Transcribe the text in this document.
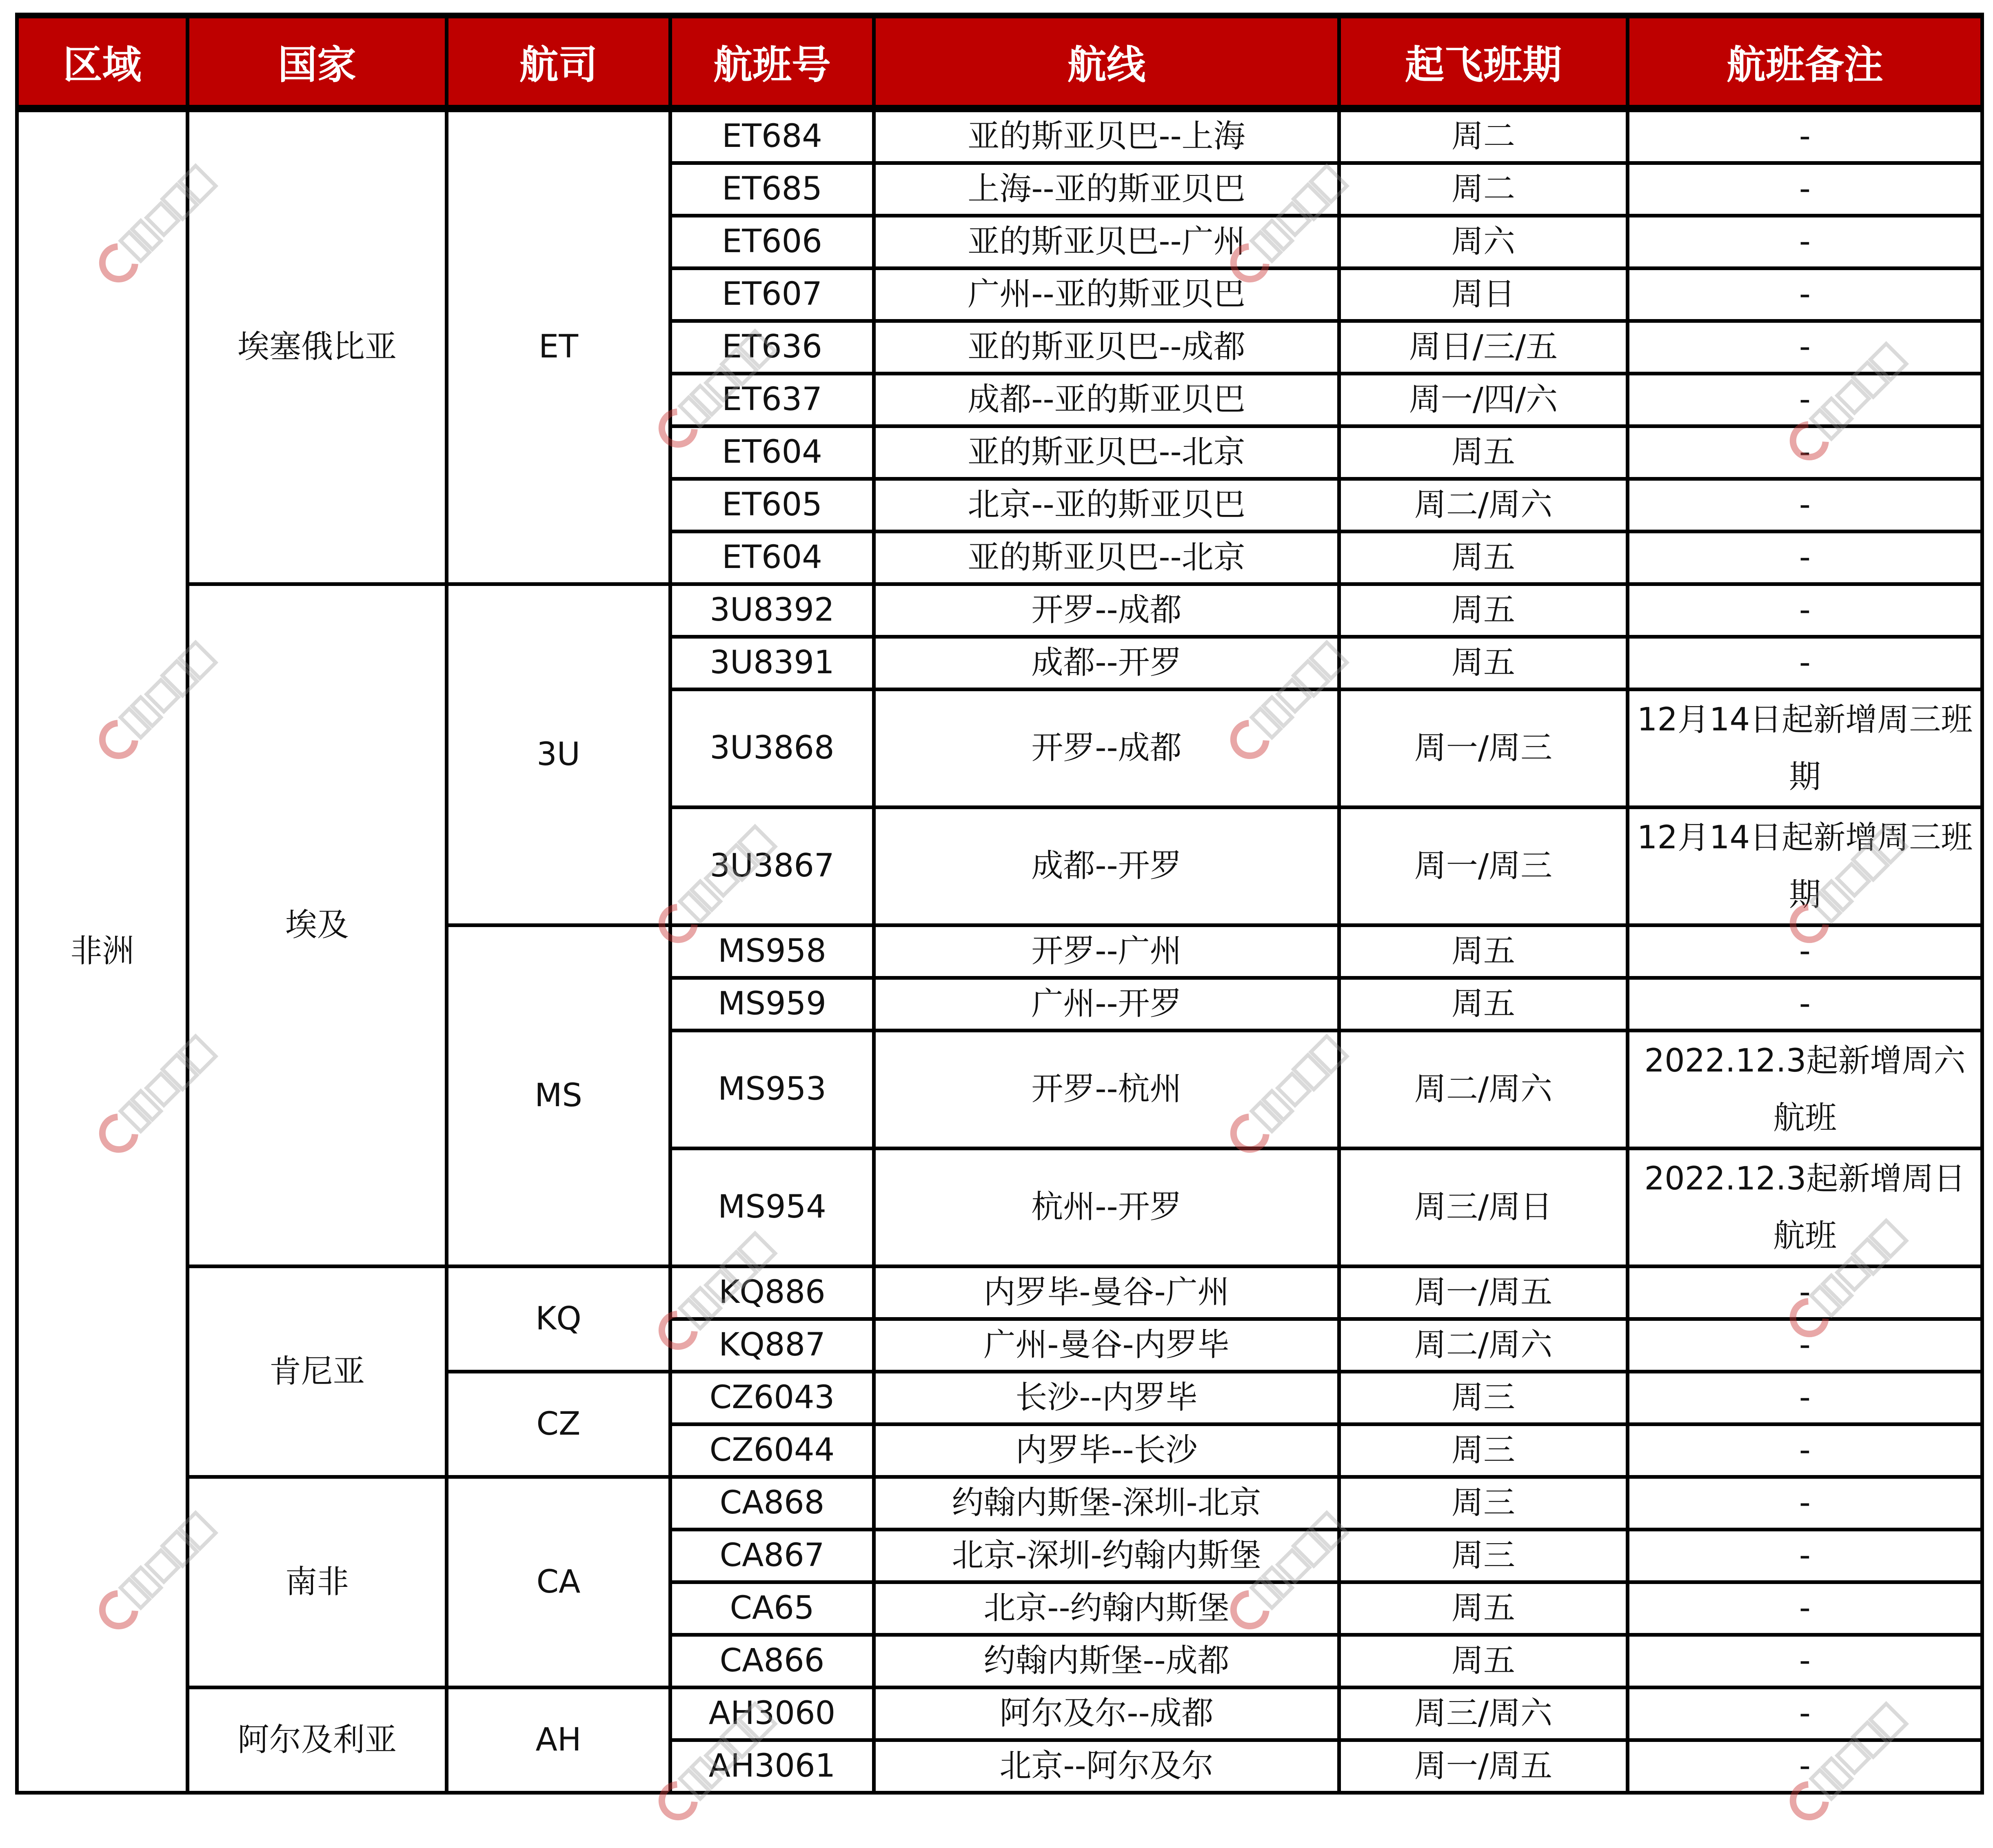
区域	国家	航司	航班号	航线	起飞班期	航班备注
非洲	埃塞俄比亚	ET	ET684	亚的斯亚贝巴--上海	周二	-
			ET685	上海--亚的斯亚贝巴	周二	-
			ET606	亚的斯亚贝巴--广州	周六	-
			ET607	广州--亚的斯亚贝巴	周日	-
			ET636	亚的斯亚贝巴--成都	周日/三/五	-
			ET637	成都--亚的斯亚贝巴	周一/四/六	-
			ET604	亚的斯亚贝巴--北京	周五	-
			ET605	北京--亚的斯亚贝巴	周二/周六	-
			ET604	亚的斯亚贝巴--北京	周五	-
	埃及	3U	3U8392	开罗--成都	周五	-
			3U8391	成都--开罗	周五	-
			3U3868	开罗--成都	周一/周三	12月14日起新增周三班期
			3U3867	成都--开罗	周一/周三	12月14日起新增周三班期
		MS	MS958	开罗--广州	周五	-
			MS959	广州--开罗	周五	-
			MS953	开罗--杭州	周二/周六	2022.12.3起新增周六航班
			MS954	杭州--开罗	周三/周日	2022.12.3起新增周日航班
	肯尼亚	KQ	KQ886	内罗毕-曼谷-广州	周一/周五	-
			KQ887	广州-曼谷-内罗毕	周二/周六	-
		CZ	CZ6043	长沙--内罗毕	周三	-
			CZ6044	内罗毕--长沙	周三	-
	南非	CA	CA868	约翰内斯堡-深圳-北京	周三	-
			CA867	北京-深圳-约翰内斯堡	周三	-
			CA65	北京--约翰内斯堡	周五	-
			CA866	约翰内斯堡--成都	周五	-
	阿尔及利亚	AH	AH3060	阿尔及尔--成都	周三/周六	-
			AH3061	北京--阿尔及尔	周一/周五	-
